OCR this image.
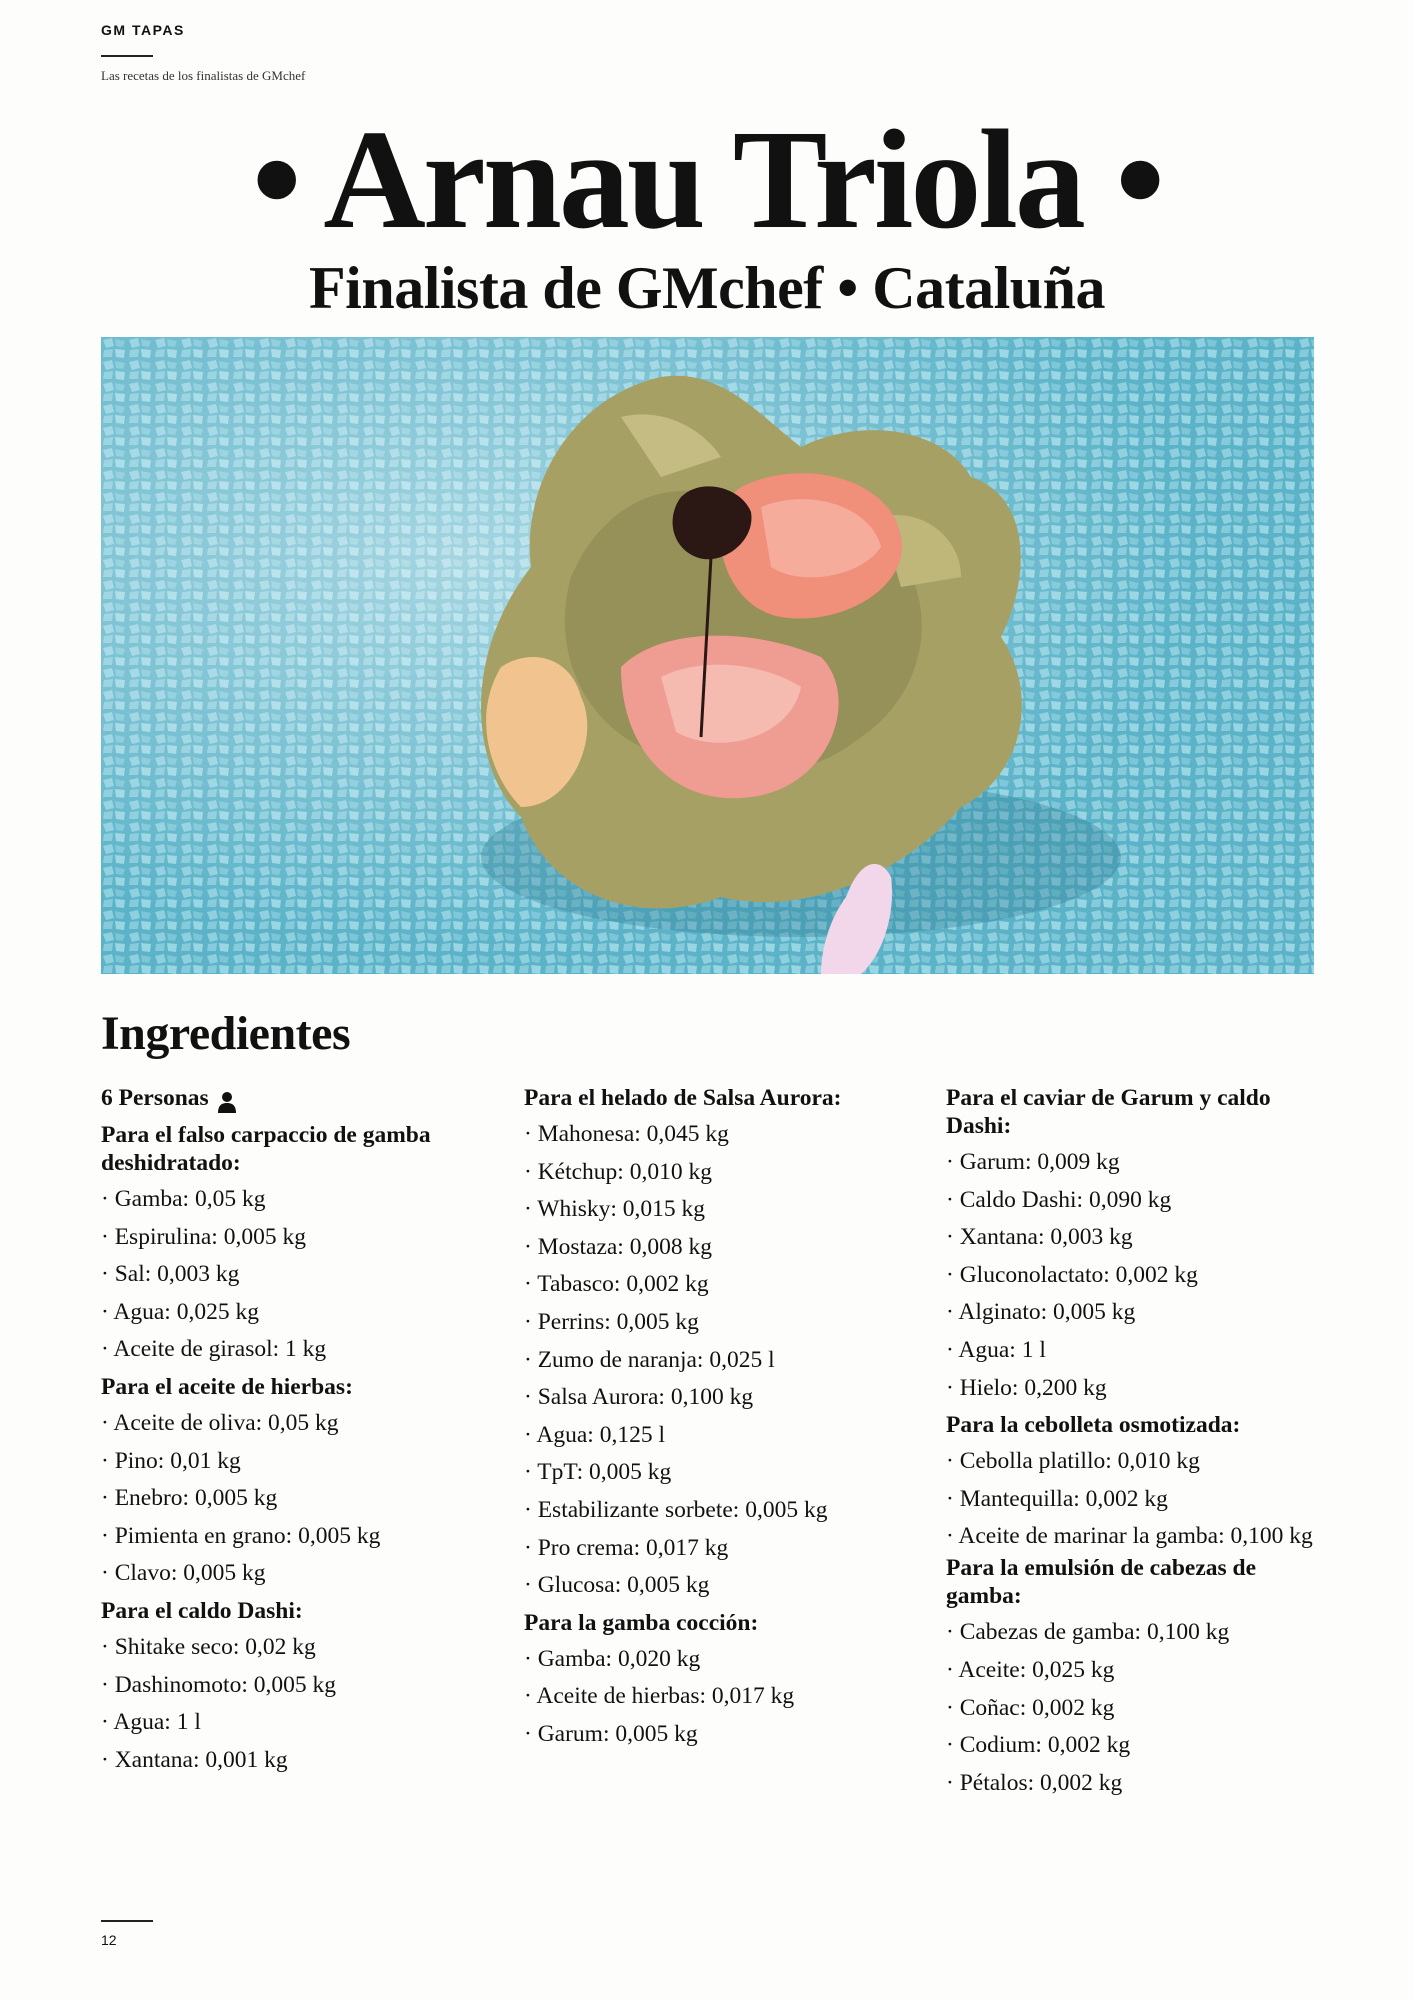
GM TAPAS
Las recetas de los finalistas de GMchef
• Arnau Triola •
Finalista de GMchef • Cataluña
Ingredientes
6 Personas
Para el falso carpaccio de gamba deshidratado:
· Gamba: 0,05 kg
· Espirulina: 0,005 kg
· Sal: 0,003 kg
· Agua: 0,025 kg
· Aceite de girasol: 1 kg
Para el aceite de hierbas:
· Aceite de oliva: 0,05 kg
· Pino: 0,01 kg
· Enebro: 0,005 kg
· Pimienta en grano: 0,005 kg
· Clavo: 0,005 kg
Para el caldo Dashi:
· Shitake seco: 0,02 kg
· Dashinomoto: 0,005 kg
· Agua: 1 l
· Xantana: 0,001 kg
Para el helado de Salsa Aurora:
· Mahonesa: 0,045 kg
· Kétchup: 0,010 kg
· Whisky: 0,015 kg
· Mostaza: 0,008 kg
· Tabasco: 0,002 kg
· Perrins: 0,005 kg
· Zumo de naranja: 0,025 l
· Salsa Aurora: 0,100 kg
· Agua: 0,125 l
· TpT: 0,005 kg
· Estabilizante sorbete: 0,005 kg
· Pro crema: 0,017 kg
· Glucosa: 0,005 kg
Para la gamba cocción:
· Gamba: 0,020 kg
· Aceite de hierbas: 0,017 kg
· Garum: 0,005 kg
Para el caviar de Garum y caldo Dashi:
· Garum: 0,009 kg
· Caldo Dashi: 0,090 kg
· Xantana: 0,003 kg
· Gluconolactato: 0,002 kg
· Alginato: 0,005 kg
· Agua: 1 l
· Hielo: 0,200 kg
Para la cebolleta osmotizada:
· Cebolla platillo: 0,010 kg
· Mantequilla: 0,002 kg
· Aceite de marinar la gamba: 0,100 kg
Para la emulsión de cabezas de gamba:
· Cabezas de gamba: 0,100 kg
· Aceite: 0,025 kg
· Coñac: 0,002 kg
· Codium: 0,002 kg
· Pétalos: 0,002 kg
12
